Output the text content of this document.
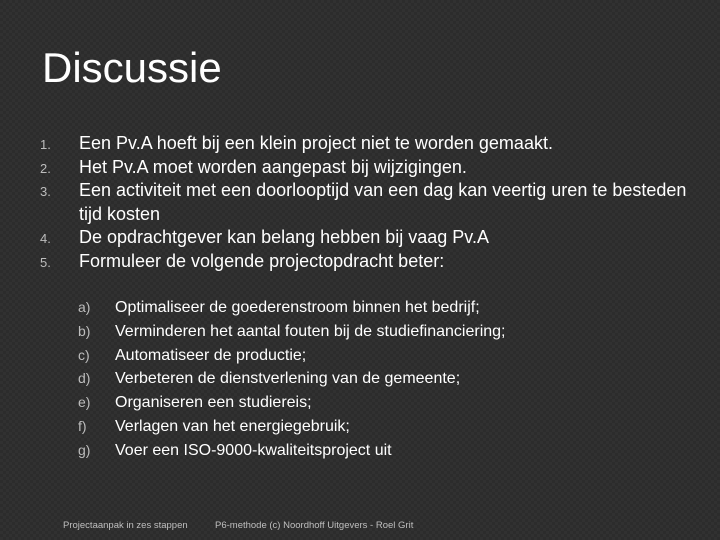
Discussie
1. Een Pv.A hoeft bij een klein project niet te worden gemaakt.
2. Het Pv.A moet worden aangepast bij wijzigingen.
3. Een activiteit met een doorlooptijd van een dag kan veertig uren te besteden tijd kosten
4. De opdrachtgever kan belang hebben bij vaag Pv.A
5. Formuleer de volgende projectopdracht beter:
a) Optimaliseer de goederenstroom binnen het bedrijf;
b) Verminderen het aantal fouten bij de studiefinanciering;
c) Automatiseer de productie;
d) Verbeteren de dienstverlening van de gemeente;
e) Organiseren een studiereis;
f) Verlagen van het energiegebruik;
g) Voer een ISO-9000-kwaliteitsproject uit
Projectaanpak in zes stappen	P6-methode (c) Noordhoff Uitgevers - Roel Grit
